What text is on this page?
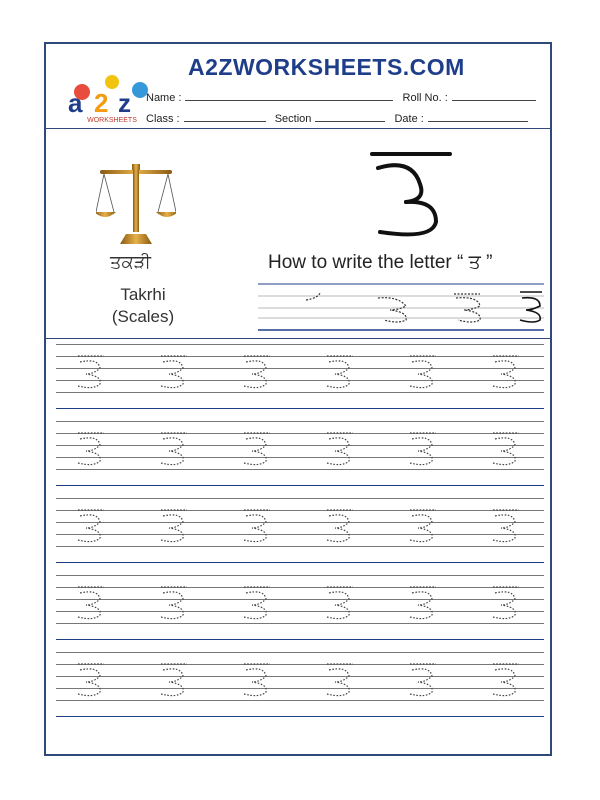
A2ZWORKSHEETS.COM
a 2 z
WORKSHEETS
Name :	Roll No. :
Class :	Section	Date :
ਤਕੜੀ
Takrhi
(Scales)
How to write the letter “ ਤ ”
